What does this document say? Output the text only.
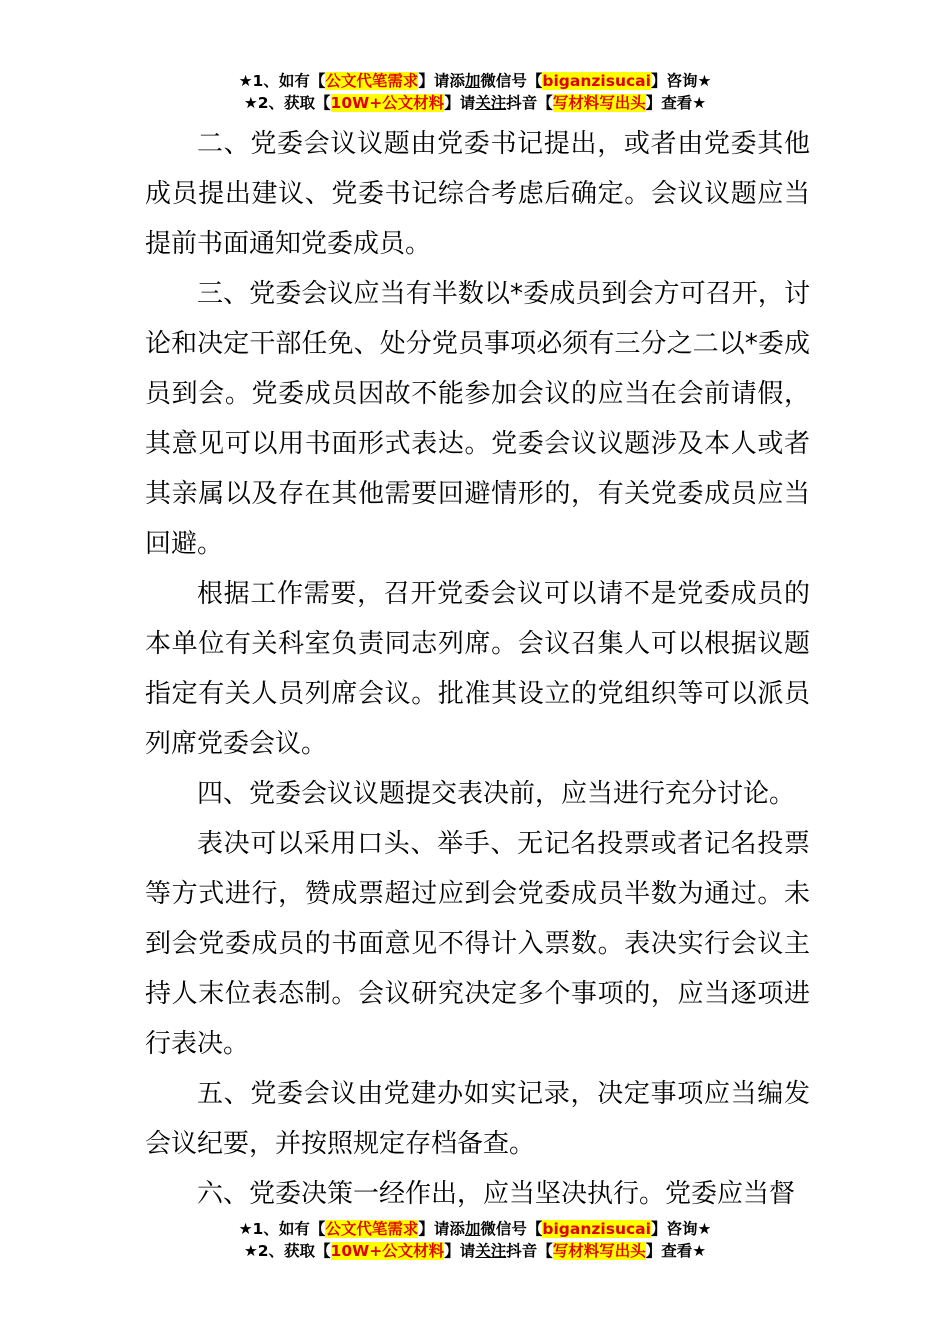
★1、如有【公文代笔需求】请添加微信号【biganzisucai】咨询★
★2、获取【10W+公文材料】请关注抖音【写材料写出头】查看★

二、党委会议议题由党委书记提出，或者由党委其他成员提出建议、党委书记综合考虑后确定。会议议题应当提前书面通知党委成员。

三、党委会议应当有半数以*委成员到会方可召开，讨论和决定干部任免、处分党员事项必须有三分之二以*委成员到会。党委成员因故不能参加会议的应当在会前请假，其意见可以用书面形式表达。党委会议议题涉及本人或者其亲属以及存在其他需要回避情形的，有关党委成员应当回避。

根据工作需要，召开党委会议可以请不是党委成员的本单位有关科室负责同志列席。会议召集人可以根据议题指定有关人员列席会议。批准其设立的党组织等可以派员列席党委会议。

四、党委会议议题提交表决前，应当进行充分讨论。

表决可以采用口头、举手、无记名投票或者记名投票等方式进行，赞成票超过应到会党委成员半数为通过。未到会党委成员的书面意见不得计入票数。表决实行会议主持人末位表态制。会议研究决定多个事项的，应当逐项进行表决。

五、党委会议由党建办如实记录，决定事项应当编发会议纪要，并按照规定存档备查。

六、党委决策一经作出，应当坚决执行。党委应当督

★1、如有【公文代笔需求】请添加微信号【biganzisucai】咨询★
★2、获取【10W+公文材料】请关注抖音【写材料写出头】查看★
